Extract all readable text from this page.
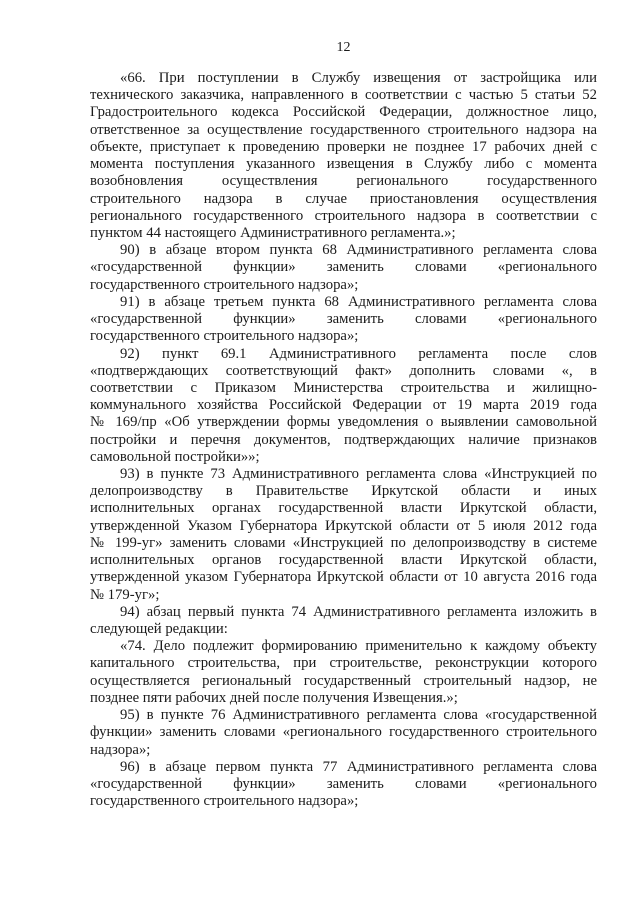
12
«66. При поступлении в Службу извещения от застройщика или
технического заказчика, направленного в соответствии с частью 5 статьи 52
Градостроительного кодекса Российской Федерации, должностное лицо,
ответственное за осуществление государственного строительного надзора на
объекте, приступает к проведению проверки не позднее 17 рабочих дней с
момента поступления указанного извещения в Службу либо с момента
возобновления осуществления регионального государственного
строительного надзора в случае приостановления осуществления
регионального государственного строительного надзора в соответствии с
пунктом 44 настоящего Административного регламента.»;
90) в абзаце втором пункта 68 Административного регламента слова
«государственной функции» заменить словами «регионального
государственного строительного надзора»;
91) в абзаце третьем пункта 68 Административного регламента слова
«государственной функции» заменить словами «регионального
государственного строительного надзора»;
92) пункт 69.1 Административного регламента после слов
«подтверждающих соответствующий факт» дополнить словами «, в
соответствии с Приказом Министерства строительства и жилищно-
коммунального хозяйства Российской Федерации от 19 марта 2019 года
№ 169/пр «Об утверждении формы уведомления о выявлении самовольной
постройки и перечня документов, подтверждающих наличие признаков
самовольной постройки»»;
93) в пункте 73 Административного регламента слова «Инструкцией по
делопроизводству в Правительстве Иркутской области и иных
исполнительных органах государственной власти Иркутской области,
утвержденной Указом Губернатора Иркутской области от 5 июля 2012 года
№ 199-уг» заменить словами «Инструкцией по делопроизводству в системе
исполнительных органов государственной власти Иркутской области,
утвержденной указом Губернатора Иркутской области от 10 августа 2016 года
№ 179-уг»;
94) абзац первый пункта 74 Административного регламента изложить в
следующей редакции:
«74. Дело подлежит формированию применительно к каждому объекту
капитального строительства, при строительстве, реконструкции которого
осуществляется региональный государственный строительный надзор, не
позднее пяти рабочих дней после получения Извещения.»;
95) в пункте 76 Административного регламента слова «государственной
функции» заменить словами «регионального государственного строительного
надзора»;
96) в абзаце первом пункта 77 Административного регламента слова
«государственной функции» заменить словами «регионального
государственного строительного надзора»;
